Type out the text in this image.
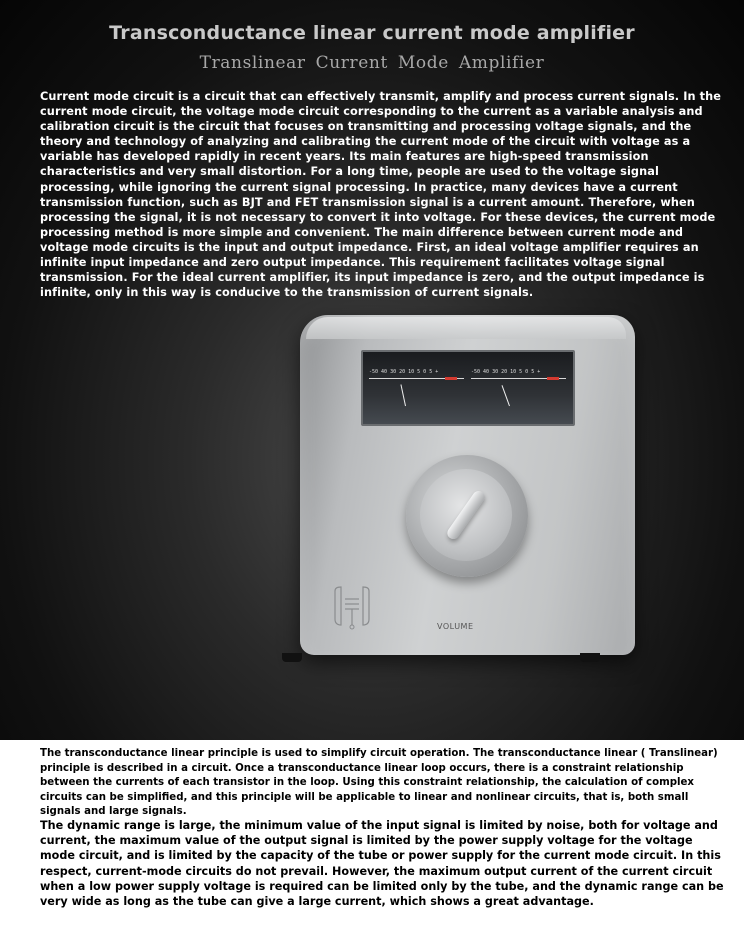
Transconductance linear current mode amplifier
Translinear Current Mode Amplifier
Current mode circuit is a circuit that can effectively transmit, amplify and process current signals. In the current mode circuit, the voltage mode circuit corresponding to the current as a variable analysis and calibration circuit is the circuit that focuses on transmitting and processing voltage signals, and the theory and technology of analyzing and calibrating the current mode of the circuit with voltage as a variable has developed rapidly in recent years. Its main features are high-speed transmission characteristics and very small distortion. For a long time, people are used to the voltage signal processing, while ignoring the current signal processing. In practice, many devices have a current transmission function, such as BJT and FET transmission signal is a current amount. Therefore, when processing the signal, it is not necessary to convert it into voltage. For these devices, the current mode processing method is more simple and convenient. The main difference between current mode and voltage mode circuits is the input and output impedance. First, an ideal voltage amplifier requires an infinite input impedance and zero output impedance. This requirement facilitates voltage signal transmission. For the ideal current amplifier, its input impedance is zero, and the output impedance is infinite, only in this way is conducive to the transmission of current signals.
-50 40 30 20 10 5 0 5 +	-50 40 30 20 10 5 0 5 +
VOLUME
The transconductance linear principle is used to simplify circuit operation. The transconductance linear ( Translinear) principle is described in a circuit. Once a transconductance linear loop occurs, there is a constraint relationship between the currents of each transistor in the loop. Using this constraint relationship, the calculation of complex circuits can be simplified, and this principle will be applicable to linear and nonlinear circuits, that is, both small signals and large signals.
The dynamic range is large, the minimum value of the input signal is limited by noise, both for voltage and current, the maximum value of the output signal is limited by the power supply voltage for the voltage mode circuit, and is limited by the capacity of the tube or power supply for the current mode circuit. In this respect, current-mode circuits do not prevail. However, the maximum output current of the current circuit when a low power supply voltage is required can be limited only by the tube, and the dynamic range can be very wide as long as the tube can give a large current, which shows a great advantage.
